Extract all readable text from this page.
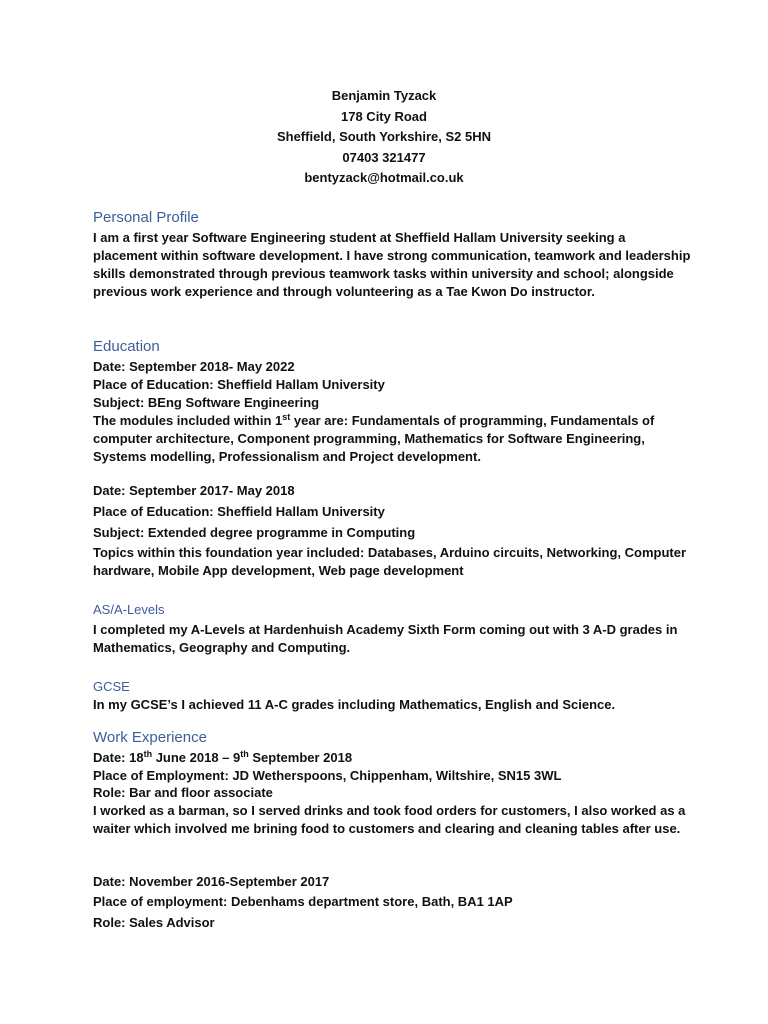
Benjamin Tyzack
178 City Road
Sheffield, South Yorkshire, S2 5HN
07403 321477
bentyzack@hotmail.co.uk
Personal Profile
I am a first year Software Engineering student at Sheffield Hallam University seeking a placement within software development. I have strong communication, teamwork and leadership skills demonstrated through previous teamwork tasks within university and school; alongside previous work experience and through volunteering as a Tae Kwon Do instructor.
Education
Date: September 2018- May 2022
Place of Education: Sheffield Hallam University
Subject: BEng Software Engineering
The modules included within 1st year are: Fundamentals of programming, Fundamentals of computer architecture, Component programming, Mathematics for Software Engineering, Systems modelling, Professionalism and Project development.
Date: September 2017- May 2018
Place of Education: Sheffield Hallam University
Subject: Extended degree programme in Computing
Topics within this foundation year included: Databases, Arduino circuits, Networking, Computer hardware, Mobile App development, Web page development
AS/A-Levels
I completed my A-Levels at Hardenhuish Academy Sixth Form coming out with 3 A-D grades in Mathematics, Geography and Computing.
GCSE
In my GCSE’s I achieved 11 A-C grades including Mathematics, English and Science.
Work Experience
Date: 18th June 2018 – 9th September 2018
Place of Employment: JD Wetherspoons, Chippenham, Wiltshire, SN15 3WL
Role: Bar and floor associate
I worked as a barman, so I served drinks and took food orders for customers, I also worked as a waiter which involved me brining food to customers and clearing and cleaning tables after use.
Date: November 2016-September 2017
Place of employment: Debenhams department store, Bath, BA1 1AP
Role: Sales Advisor
